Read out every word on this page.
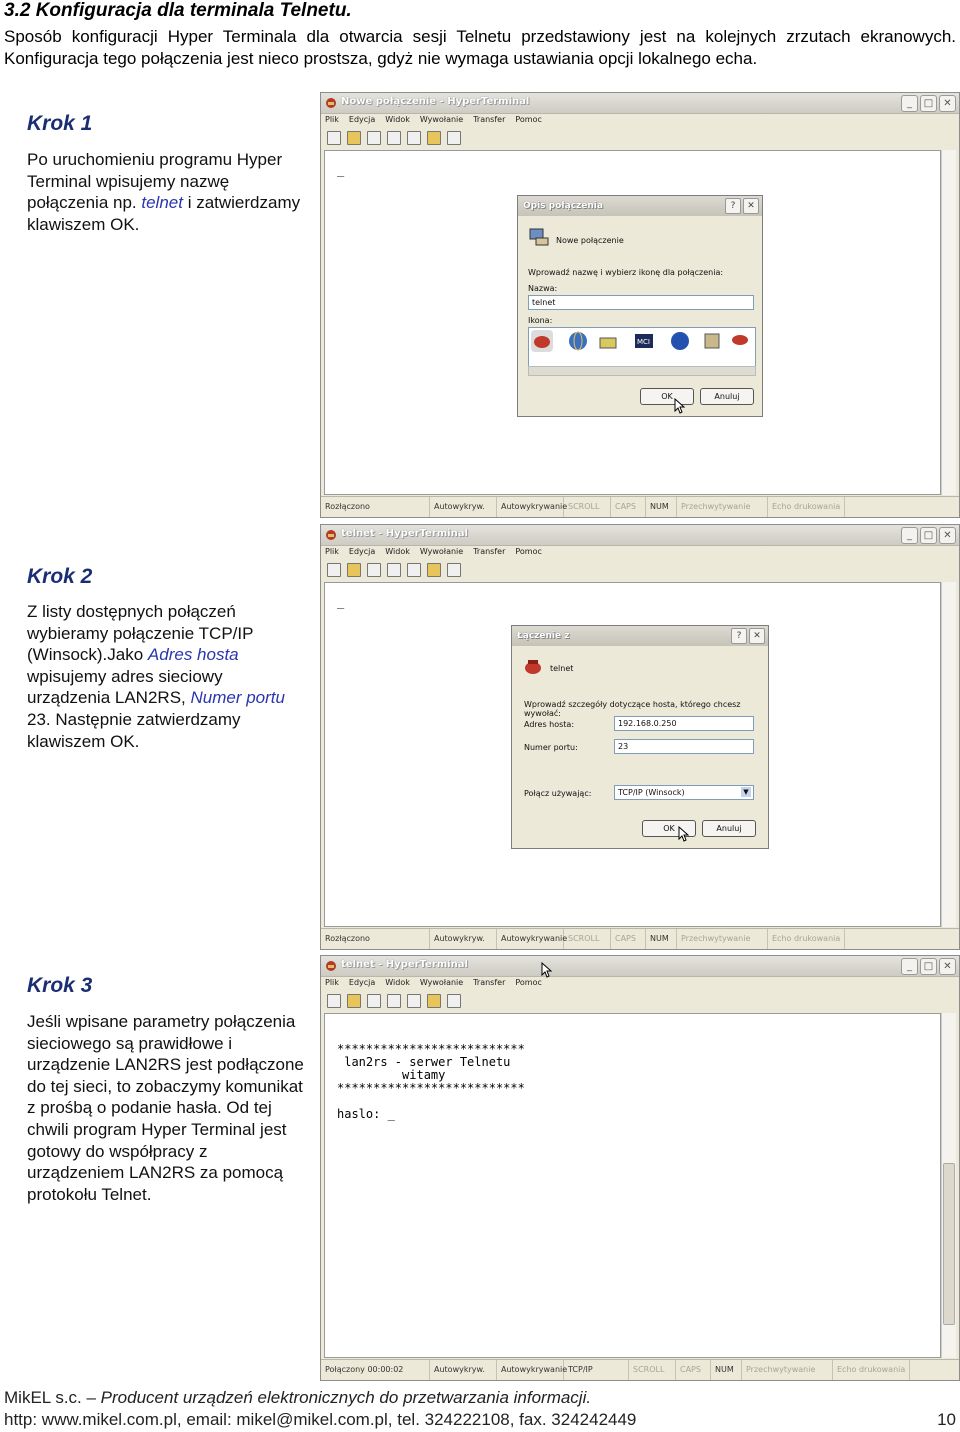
3.2 Konfiguracja dla terminala Telnetu.

Sposób konfiguracji Hyper Terminala dla otwarcia sesji Telnetu przedstawiony jest na kolejnych zrzutach ekranowych. Konfiguracja tego połączenia jest nieco prostsza, gdyż nie wymaga ustawiania opcji lokalnego echa.

Krok 1

Po uruchomieniu programu Hyper Terminal wpisujemy nazwę połączenia np. telnet i zatwierdzamy klawiszem OK.

Nowe połączenie - HyperTerminal	_	□	✕
Plik Edycja Widok Wywołanie Transfer Pomoc
_
Rozłączono	Autowykryw.	Autowykrywanie SCROLL	CAPS	NUM	Przechwytywanie	Echo drukowania
Opis połączenia	?	✕
Nowe połączenie
Wprowadź nazwę i wybierz ikonę dla połączenia:
Nazwa:
telnet
Ikona:
MCI
OK	Anuluj
Krok 2

Z listy dostępnych połączeń wybieramy połączenie TCP/IP (Winsock).Jako Adres hosta wpisujemy adres sieciowy urządzenia LAN2RS, Numer portu 23. Następnie zatwierdzamy klawiszem OK.

telnet - HyperTerminal	_	□	✕
Plik Edycja Widok Wywołanie Transfer Pomoc
_
Rozłączono	Autowykryw.	Autowykrywanie SCROLL	CAPS	NUM	Przechwytywanie	Echo drukowania
Łączenie z	?	✕
telnet
Wprowadź szczegóły dotyczące hosta, którego chcesz wywołać:
Adres hosta:	192.168.0.250
Numer portu:	23
Połącz używając:	TCP/IP (Winsock)	▼
OK	Anuluj
Krok 3

Jeśli wpisane parametry połączenia sieciowego są prawidłowe i urządzenie LAN2RS jest podłączone do tej sieci, to zobaczymy komunikat z prośbą o podanie hasła. Od tej chwili program Hyper Terminal jest gotowy do współpracy z urządzeniem LAN2RS za pomocą protokołu Telnet.

telnet - HyperTerminal	_	□	✕
Plik Edycja Widok Wywołanie Transfer Pomoc
**************************
lan2rs - serwer Telnetu
witamy
**************************
haslo: _
Połączony 00:00:02	Autowykryw.	Autowykrywanie TCP/IP	SCROLL	CAPS	NUM	Przechwytywanie	Echo drukowania
MikEL s.c. – Producent urządzeń elektronicznych do przetwarzania informacji.
http: www.mikel.com.pl, email: mikel@mikel.com.pl, tel. 324222108, fax. 324242449	10
